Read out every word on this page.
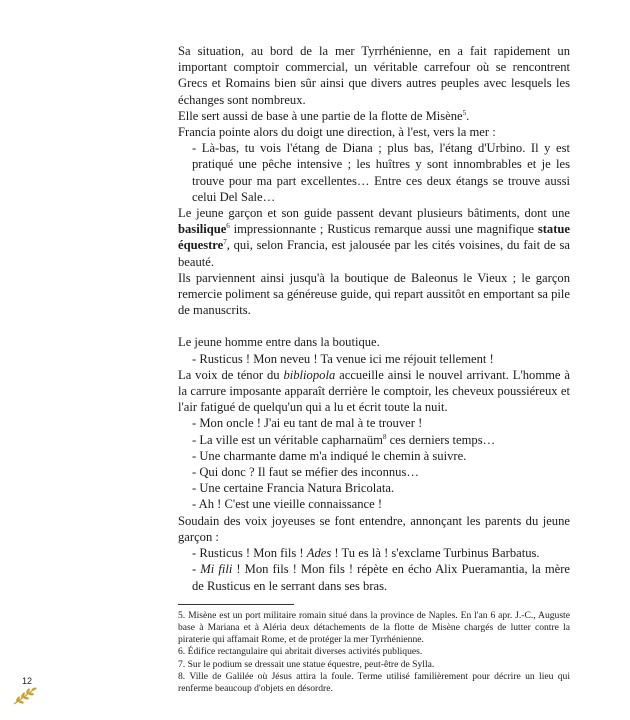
Sa situation, au bord de la mer Tyrrhénienne, en a fait rapidement un important comptoir commercial, un véritable carrefour où se rencontrent Grecs et Romains bien sûr ainsi que divers autres peuples avec lesquels les échanges sont nombreux.

Elle sert aussi de base à une partie de la flotte de Misène$^5$.

Francia pointe alors du doigt une direction, à l'est, vers la mer :

- Là-bas, tu vois l'étang de Diana ; plus bas, l'étang d'Urbino. Il y est pratiqué une pêche intensive ; les huîtres y sont innombrables et je les trouve pour ma part excellentes… Entre ces deux étangs se trouve aussi celui Del Sale…

Le jeune garçon et son guide passent devant plusieurs bâtiments, dont une basilique$^6$ impressionnante ; Rusticus remarque aussi une magnifique statue équestre$^7$, qui, selon Francia, est jalousée par les cités voisines, du fait de sa beauté.

Ils parviennent ainsi jusqu'à la boutique de Baleonus le Vieux ; le garçon remercie poliment sa généreuse guide, qui repart aussitôt en emportant sa pile de manuscrits.

Le jeune homme entre dans la boutique.

- Rusticus ! Mon neveu ! Ta venue ici me réjouit tellement !

La voix de ténor du bibliopola accueille ainsi le nouvel arrivant. L'homme à la carrure imposante apparaît derrière le comptoir, les cheveux poussiéreux et l'air fatigué de quelqu'un qui a lu et écrit toute la nuit.

- Mon oncle ! J'ai eu tant de mal à te trouver !

- La ville est un véritable capharnaüm$^8$ ces derniers temps…

- Une charmante dame m'a indiqué le chemin à suivre.

- Qui donc ? Il faut se méfier des inconnus…

- Une certaine Francia Natura Bricolata.

- Ah ! C'est une vieille connaissance !

Soudain des voix joyeuses se font entendre, annonçant les parents du jeune garçon :

- Rusticus ! Mon fils ! Ades ! Tu es là ! s'exclame Turbinus Barbatus.

- Mi fili ! Mon fils ! Mon fils ! répète en écho Alix Pueramantia, la mère de Rusticus en le serrant dans ses bras.

5. Misène est un port militaire romain situé dans la province de Naples. En l'an 6 apr. J.-C., Auguste base à Mariana et à Aléria deux détachements de la flotte de Misène chargés de lutter contre la piraterie qui affamait Rome, et de protéger la mer Tyrrhénienne.

6. Édifice rectangulaire qui abritait diverses activités publiques.

7. Sur le podium se dressait une statue équestre, peut-être de Sylla.

8. Ville de Galilée où Jésus attira la foule. Terme utilisé familièrement pour décrire un lieu qui renferme beaucoup d'objets en désordre.

12
